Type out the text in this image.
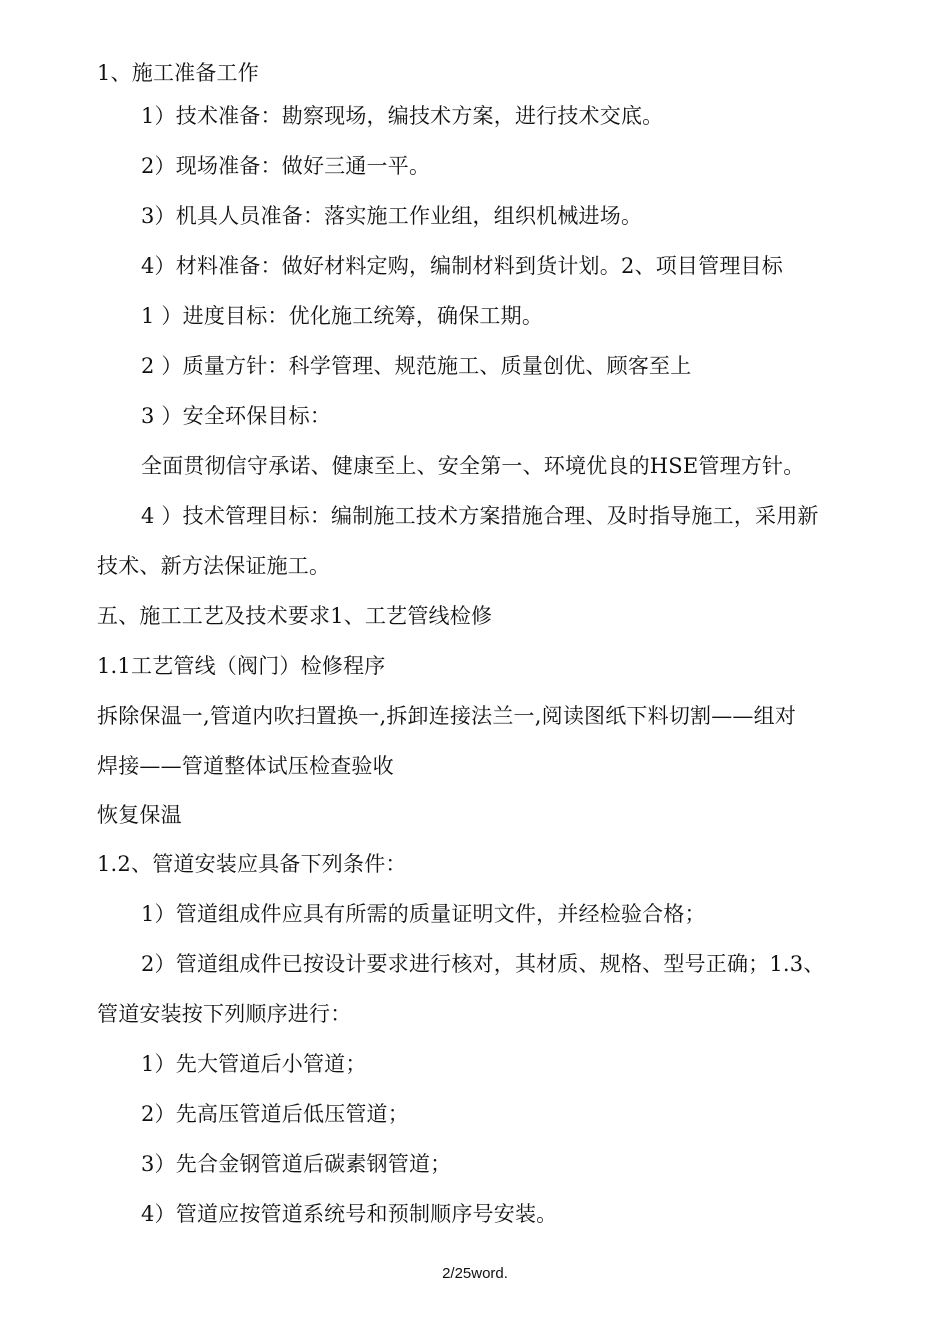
1、施工准备工作
1）技术准备：勘察现场，编技术方案，进行技术交底。
2）现场准备：做好三通一平。
3）机具人员准备：落实施工作业组，组织机械进场。
4）材料准备：做好材料定购，编制材料到货计划。2、项目管理目标
1 ）进度目标：优化施工统筹，确保工期。
2 ）质量方针：科学管理、规范施工、质量创优、顾客至上
3 ）安全环保目标：
全面贯彻信守承诺、健康至上、安全第一、环境优良的HSE管理方针。
4 ）技术管理目标：编制施工技术方案措施合理、及时指导施工，采用新
技术、新方法保证施工。
五、施工工艺及技术要求1、工艺管线检修
1.1工艺管线（阀门）检修程序
拆除保温一,管道内吹扫置换一,拆卸连接法兰一,阅读图纸下料切割——组对
焊接——管道整体试压检查验收
恢复保温
1.2、管道安装应具备下列条件：
1）管道组成件应具有所需的质量证明文件，并经检验合格；
2）管道组成件已按设计要求进行核对，其材质、规格、型号正确；1.3、
管道安装按下列顺序进行：
1）先大管道后小管道；
2）先高压管道后低压管道；
3）先合金钢管道后碳素钢管道；
4）管道应按管道系统号和预制顺序号安装。
2/25word.
